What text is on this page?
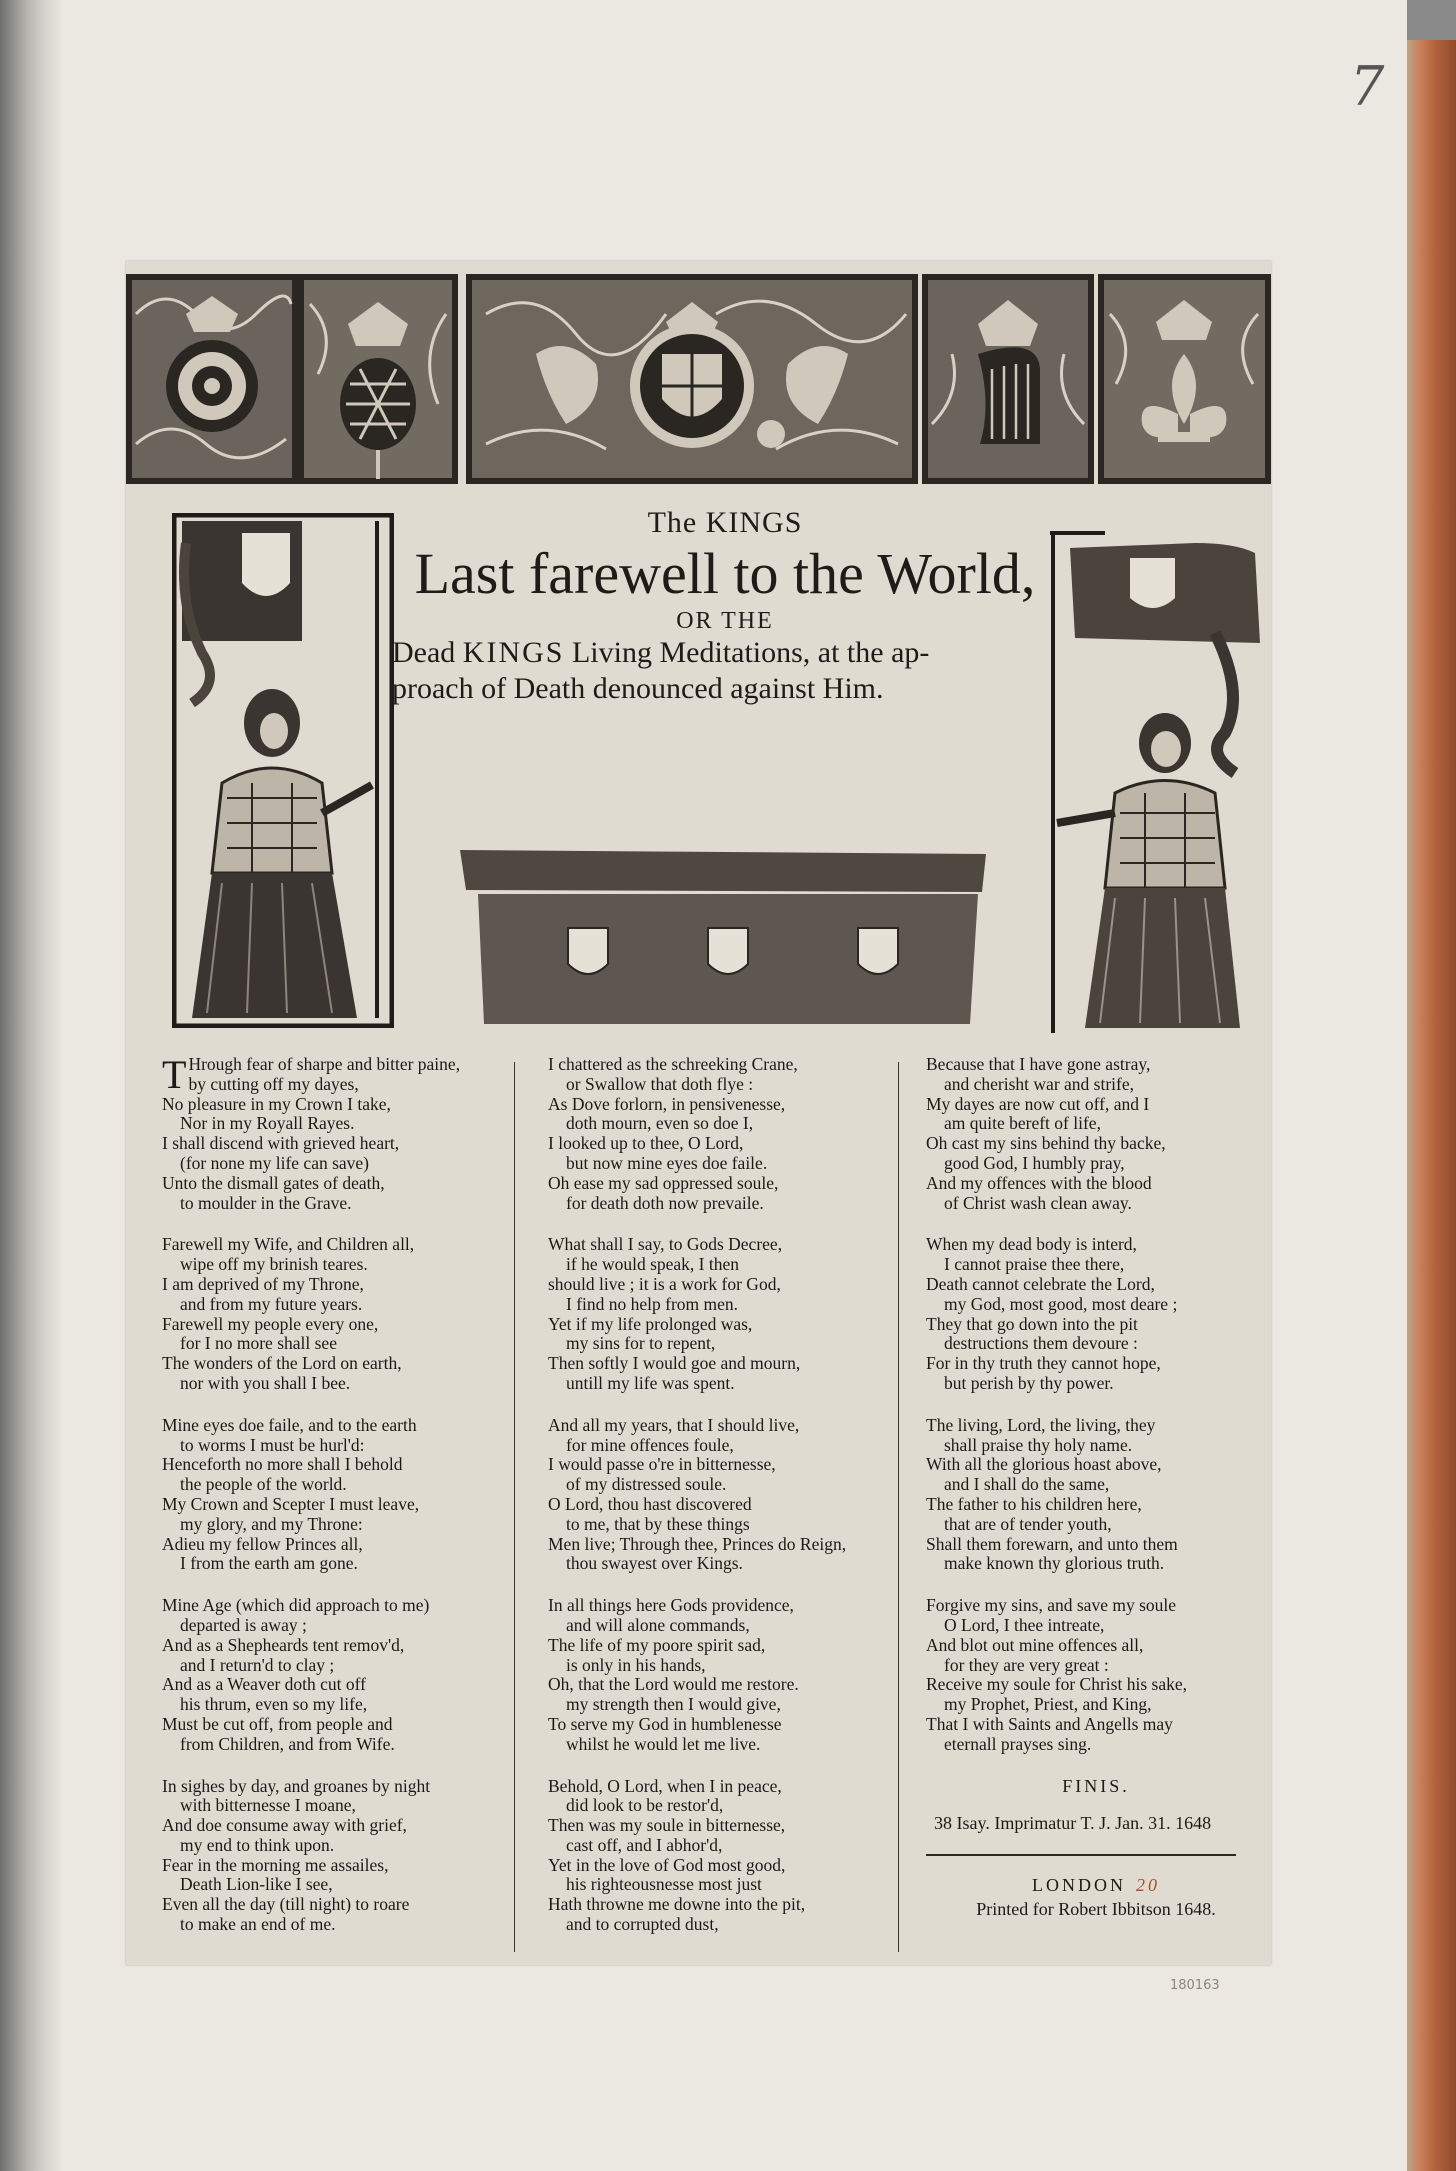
7
The KINGS
Last farewell to the World,
OR THE
Dead KINGS Living Meditations, at the ap-
proach of Death denounced against Him.
T Hrough fear of sharpe and bitter paine,
by cutting off my dayes,
No pleasure in my Crown I take,
Nor in my Royall Rayes.
I shall discend with grieved heart,
(for none my life can save)
Unto the dismall gates of death,
to moulder in the Grave.
Farewell my Wife, and Children all,
wipe off my brinish teares.
I am deprived of my Throne,
and from my future years.
Farewell my people every one,
for I no more shall see
The wonders of the Lord on earth,
nor with you shall I bee.
Mine eyes doe faile, and to the earth
to worms I must be hurl'd:
Henceforth no more shall I behold
the people of the world.
My Crown and Scepter I must leave,
my glory, and my Throne:
Adieu my fellow Princes all,
I from the earth am gone.
Mine Age (which did approach to me)
departed is away ;
And as a Shepheards tent remov'd,
and I return'd to clay ;
And as a Weaver doth cut off
his thrum, even so my life,
Must be cut off, from people and
from Children, and from Wife.
In sighes by day, and groanes by night
with bitternesse I moane,
And doe consume away with grief,
my end to think upon.
Fear in the morning me assailes,
Death Lion-like I see,
Even all the day (till night) to roare
to make an end of me.
I chattered as the schreeking Crane,
or Swallow that doth flye :
As Dove forlorn, in pensivenesse,
doth mourn, even so doe I,
I looked up to thee, O Lord,
but now mine eyes doe faile.
Oh ease my sad oppressed soule,
for death doth now prevaile.
What shall I say, to Gods Decree,
if he would speak, I then
should live ; it is a work for God,
I find no help from men.
Yet if my life prolonged was,
my sins for to repent,
Then softly I would goe and mourn,
untill my life was spent.
And all my years, that I should live,
for mine offences foule,
I would passe o're in bitternesse,
of my distressed soule.
O Lord, thou hast discovered
to me, that by these things
Men live; Through thee, Princes do Reign,
thou swayest over Kings.
In all things here Gods providence,
and will alone commands,
The life of my poore spirit sad,
is only in his hands,
Oh, that the Lord would me restore.
my strength then I would give,
To serve my God in humblenesse
whilst he would let me live.
Behold, O Lord, when I in peace,
did look to be restor'd,
Then was my soule in bitternesse,
cast off, and I abhor'd,
Yet in the love of God most good,
his righteousnesse most just
Hath throwne me downe into the pit,
and to corrupted dust,
Because that I have gone astray,
and cherisht war and strife,
My dayes are now cut off, and I
am quite bereft of life,
Oh cast my sins behind thy backe,
good God, I humbly pray,
And my offences with the blood
of Christ wash clean away.
When my dead body is interd,
I cannot praise thee there,
Death cannot celebrate the Lord,
my God, most good, most deare ;
They that go down into the pit
destructions them devoure :
For in thy truth they cannot hope,
but perish by thy power.
The living, Lord, the living, they
shall praise thy holy name.
With all the glorious hoast above,
and I shall do the same,
The father to his children here,
that are of tender youth,
Shall them forewarn, and unto them
make known thy glorious truth.
Forgive my sins, and save my soule
O Lord, I thee intreate,
And blot out mine offences all,
for they are very great :
Receive my soule for Christ his sake,
my Prophet, Priest, and King,
That I with Saints and Angells may
eternall prayses sing.
FINIS.
38 Isay. Imprimatur T. J. Jan. 31. 1648
LONDON 20
Printed for Robert Ibbitson 1648.
180163
